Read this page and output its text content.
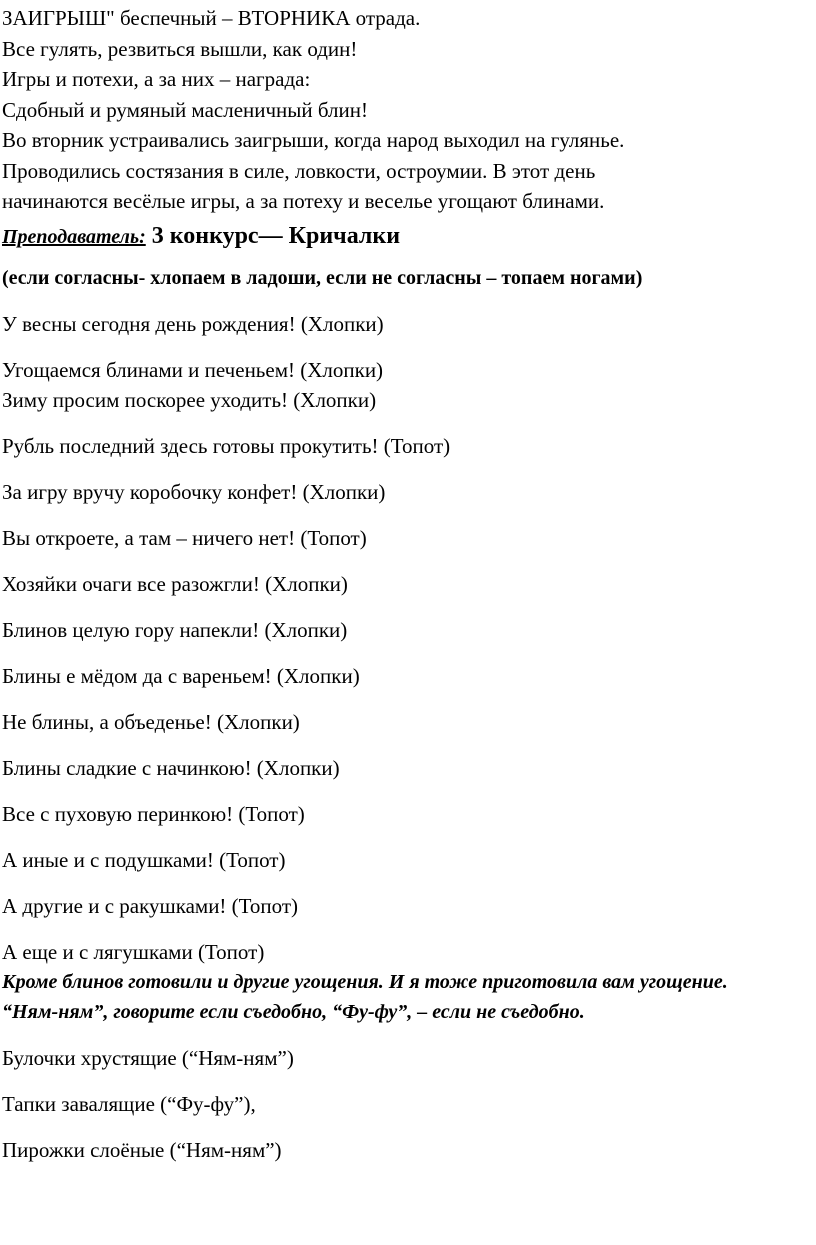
ЗАИГРЫШ" беспечный – ВТОРНИКА отрада.

Все гулять, резвиться вышли, как один!

Игры и потехи, а за них – награда:

Сдобный и румяный масленичный блин!

Во вторник устраивались заигрыши, когда народ выходил на гулянье.

Проводились состязания в силе, ловкости, остроумии. В этот день

начинаются весёлые игры, а за потеху и веселье угощают блинами.

Преподаватель: 3 конкурс— Кричалки

(если согласны- хлопаем в ладоши, если не согласны – топаем ногами)

У весны сегодня день рождения! (Хлопки)

Угощаемся блинами и печеньем! (Хлопки)

Зиму просим поскорее уходить! (Хлопки)

Рубль последний здесь готовы прокутить! (Топот)

За игру вручу коробочку конфет! (Хлопки)

Вы откроете, а там – ничего нет! (Топот)

Хозяйки очаги все разожгли! (Хлопки)

Блинов целую гору напекли! (Хлопки)

Блины е мёдом да с вареньем! (Хлопки)

Не блины, а объеденье! (Хлопки)

Блины сладкие с начинкою! (Хлопки)

Все с пуховую перинкою! (Топот)

А иные и с подушками! (Топот)

А другие и с ракушками! (Топот)

А еще и с лягушками (Топот)

Кроме блинов готовили и другие угощения. И я тоже приготовила вам угощение.

“Ням-ням”, говорите если съедобно, “Фу-фу”, – если не съедобно.

Булочки хрустящие (“Ням-ням”)

Тапки завалящие (“Фу-фу”),

Пирожки слоёные (“Ням-ням”)
